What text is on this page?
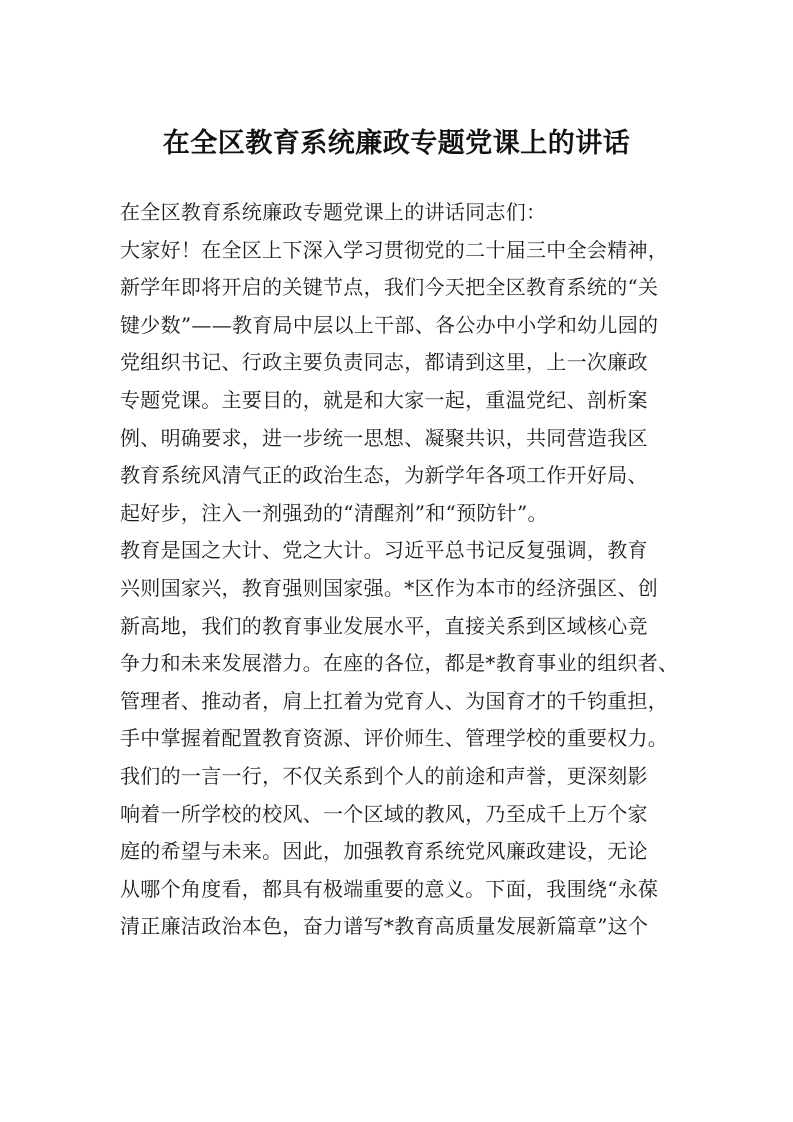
在全区教育系统廉政专题党课上的讲话
在全区教育系统廉政专题党课上的讲话同志们：
大家好！在全区上下深入学习贯彻党的二十届三中全会精神，
新学年即将开启的关键节点，我们今天把全区教育系统的“关
键少数”——教育局中层以上干部、各公办中小学和幼儿园的
党组织书记、行政主要负责同志，都请到这里，上一次廉政
专题党课。主要目的，就是和大家一起，重温党纪、剖析案
例、明确要求，进一步统一思想、凝聚共识，共同营造我区
教育系统风清气正的政治生态，为新学年各项工作开好局、
起好步，注入一剂强劲的“清醒剂”和“预防针”。
教育是国之大计、党之大计。习近平总书记反复强调，教育
兴则国家兴，教育强则国家强。*区作为本市的经济强区、创
新高地，我们的教育事业发展水平，直接关系到区域核心竞
争力和未来发展潜力。在座的各位，都是*教育事业的组织者、
管理者、推动者，肩上扛着为党育人、为国育才的千钧重担，
手中掌握着配置教育资源、评价师生、管理学校的重要权力。
我们的一言一行，不仅关系到个人的前途和声誉，更深刻影
响着一所学校的校风、一个区域的教风，乃至成千上万个家
庭的希望与未来。因此，加强教育系统党风廉政建设，无论
从哪个角度看，都具有极端重要的意义。下面，我围绕“永葆
清正廉洁政治本色，奋力谱写*教育高质量发展新篇章”这个
